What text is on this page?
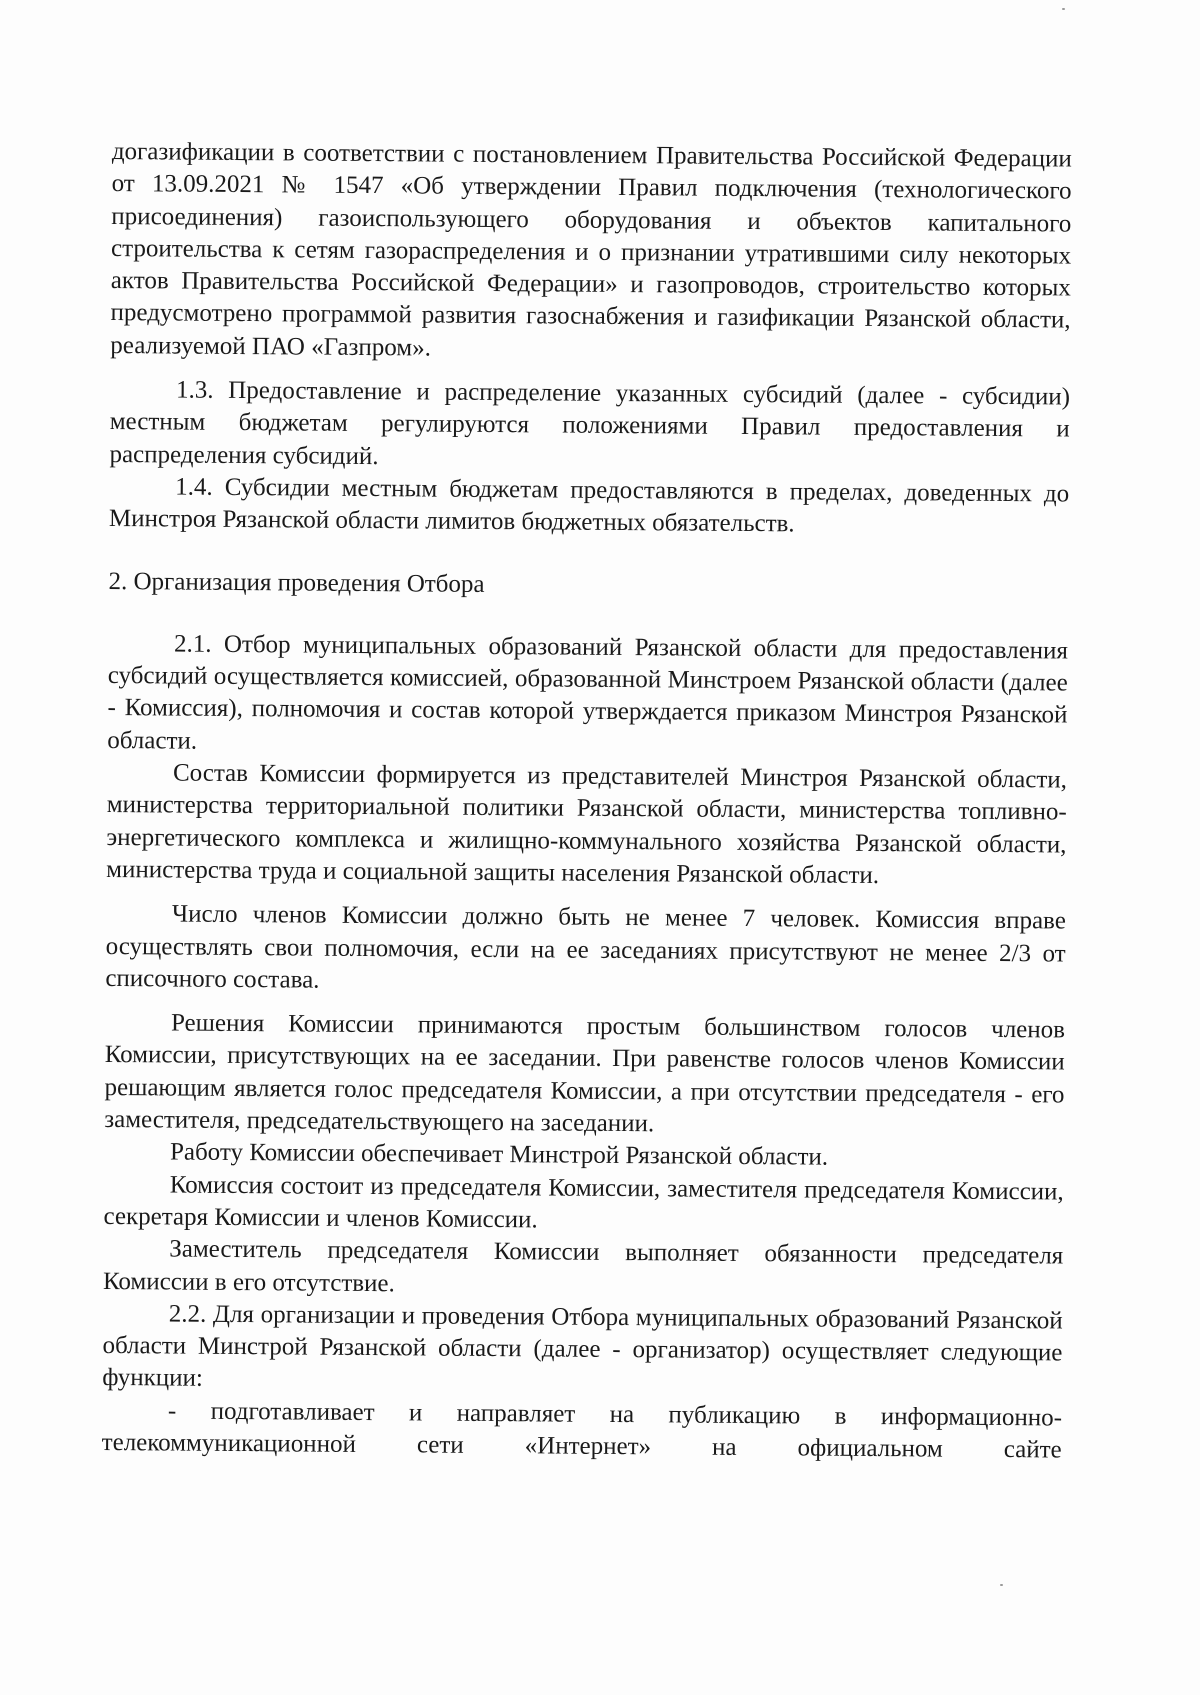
догазификации в соответствии с постановлением Правительства Российской Федерации от 13.09.2021 № 1547 «Об утверждении Правил подключения (технологического присоединения) газоиспользующего оборудования и объектов капитального строительства к сетям газораспределения и о признании утратившими силу некоторых актов Правительства Российской Федерации» и газопроводов, строительство которых предусмотрено программой развития газоснабжения и газификации Рязанской области, реализуемой ПАО «Газпром».

1.3. Предоставление и распределение указанных субсидий (далее - субсидии) местным бюджетам регулируются положениями Правил предоставления и распределения субсидий.

1.4. Субсидии местным бюджетам предоставляются в пределах, доведенных до Минстроя Рязанской области лимитов бюджетных обязательств.

2. Организация проведения Отбора

2.1. Отбор муниципальных образований Рязанской области для предоставления субсидий осуществляется комиссией, образованной Минстроем Рязанской области (далее - Комиссия), полномочия и состав которой утверждается приказом Минстроя Рязанской области.

Состав Комиссии формируется из представителей Минстроя Рязанской области, министерства территориальной политики Рязанской области, министерства топливно-энергетического комплекса и жилищно-коммунального хозяйства Рязанской области, министерства труда и социальной защиты населения Рязанской области.

Число членов Комиссии должно быть не менее 7 человек. Комиссия вправе осуществлять свои полномочия, если на ее заседаниях присутствуют не менее 2/3 от списочного состава.

Решения Комиссии принимаются простым большинством голосов членов Комиссии, присутствующих на ее заседании. При равенстве голосов членов Комиссии решающим является голос председателя Комиссии, а при отсутствии председателя - его заместителя, председательствующего на заседании.

Работу Комиссии обеспечивает Минстрой Рязанской области.

Комиссия состоит из председателя Комиссии, заместителя председателя Комиссии, секретаря Комиссии и членов Комиссии.

Заместитель председателя Комиссии выполняет обязанности председателя Комиссии в его отсутствие.

2.2. Для организации и проведения Отбора муниципальных образований Рязанской области Минстрой Рязанской области (далее - организатор) осуществляет следующие функции:

- подготавливает и направляет на публикацию в информационно-телекоммуникационной сети «Интернет» на официальном сайте
